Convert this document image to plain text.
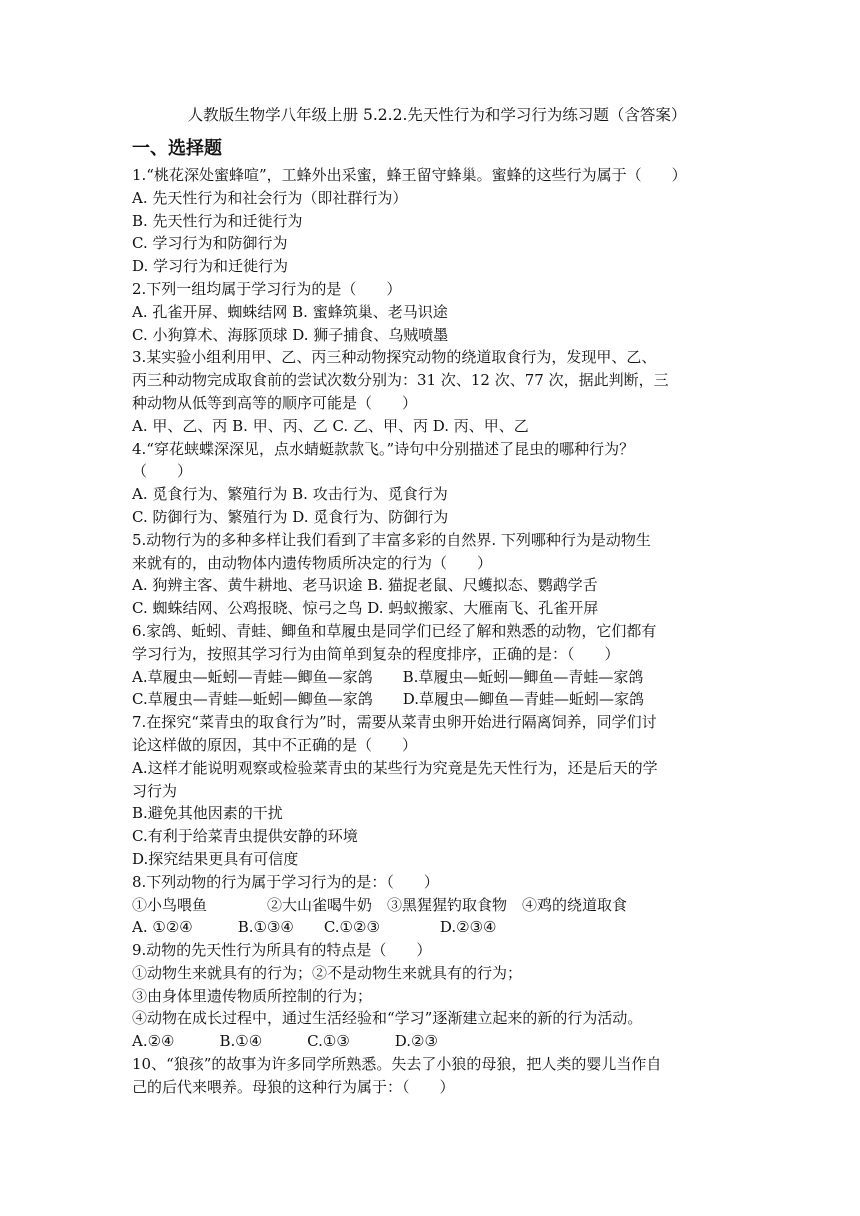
人教版生物学八年级上册 5.2.2.先天性行为和学习行为练习题（含答案）
一、选择题
1.“桃花深处蜜蜂喧”，工蜂外出采蜜，蜂王留守蜂巢。蜜蜂的这些行为属于（　　）
A. 先天性行为和社会行为（即社群行为）
B. 先天性行为和迁徙行为
C. 学习行为和防御行为
D. 学习行为和迁徙行为
2.下列一组均属于学习行为的是（　　）
A. 孔雀开屏、蜘蛛结网 B. 蜜蜂筑巢、老马识途
C. 小狗算术、海豚顶球 D. 狮子捕食、乌贼喷墨
3.某实验小组利用甲、乙、丙三种动物探究动物的绕道取食行为，发现甲、乙、
丙三种动物完成取食前的尝试次数分别为：31 次、12 次、77 次，据此判断，三
种动物从低等到高等的顺序可能是（　　）
A. 甲、乙、丙 B. 甲、丙、乙 C. 乙、甲、丙 D. 丙、甲、乙
4.“穿花蛱蝶深深见，点水蜻蜓款款飞。”诗句中分别描述了昆虫的哪种行为？
（　　）
A. 觅食行为、繁殖行为 B. 攻击行为、觅食行为
C. 防御行为、繁殖行为 D. 觅食行为、防御行为
5.动物行为的多种多样让我们看到了丰富多彩的自然界. 下列哪种行为是动物生
来就有的，由动物体内遗传物质所决定的行为（　　）
A. 狗辨主客、黄牛耕地、老马识途 B. 猫捉老鼠、尺蠖拟态、鹦鹉学舌
C. 蜘蛛结网、公鸡报晓、惊弓之鸟 D. 蚂蚁搬家、大雁南飞、孔雀开屏
6.家鸽、蚯蚓、青蛙、鲫鱼和草履虫是同学们已经了解和熟悉的动物，它们都有
学习行为，按照其学习行为由简单到复杂的程度排序，正确的是：（　　）
A.草履虫—蚯蚓—青蛙—鲫鱼—家鸽　　B.草履虫—蚯蚓—鲫鱼—青蛙—家鸽
C.草履虫—青蛙—蚯蚓—鲫鱼—家鸽　　D.草履虫—鲫鱼—青蛙—蚯蚓—家鸽
7.在探究“菜青虫的取食行为”时，需要从菜青虫卵开始进行隔离饲养，同学们讨
论这样做的原因，其中不正确的是（　　）
A.这样才能说明观察或检验菜青虫的某些行为究竟是先天性行为，还是后天的学
习行为
B.避免其他因素的干扰
C.有利于给菜青虫提供安静的环境
D.探究结果更具有可信度
8.下列动物的行为属于学习行为的是：（　　）
①小鸟喂鱼　　　　②大山雀喝牛奶　③黑猩猩钓取食物　④鸡的绕道取食
A. ①②④　　　B.①③④　　C.①②③　　　　D.②③④
9.动物的先天性行为所具有的特点是（　　）
①动物生来就具有的行为；②不是动物生来就具有的行为；
③由身体里遗传物质所控制的行为；
④动物在成长过程中，通过生活经验和“学习”逐渐建立起来的新的行为活动。
A.②④　　　B.①④　　　C.①③　　　D.②③
10、“狼孩”的故事为许多同学所熟悉。失去了小狼的母狼，把人类的婴儿当作自
己的后代来喂养。母狼的这种行为属于：（　　）
